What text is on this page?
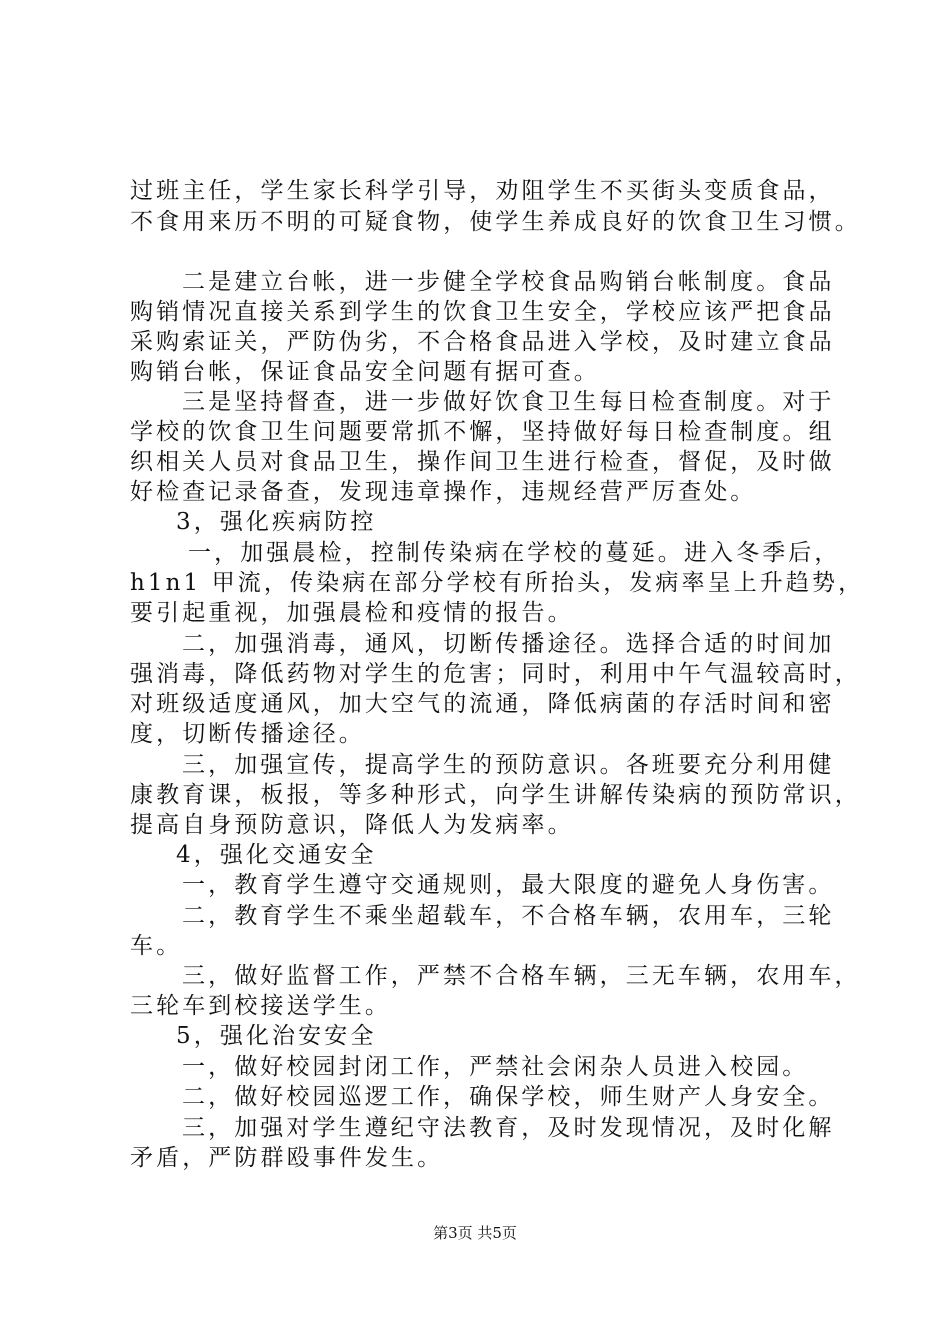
过班主任，学生家长科学引导，劝阻学生不买街头变质食品，
不食用来历不明的可疑食物，使学生养成良好的饮食卫生习惯。
二是建立台帐，进一步健全学校食品购销台帐制度。食品
购销情况直接关系到学生的饮食卫生安全，学校应该严把食品
采购索证关，严防伪劣，不合格食品进入学校，及时建立食品
购销台帐，保证食品安全问题有据可查。
三是坚持督查，进一步做好饮食卫生每日检查制度。对于
学校的饮食卫生问题要常抓不懈，坚持做好每日检查制度。组
织相关人员对食品卫生，操作间卫生进行检查，督促，及时做
好检查记录备查，发现违章操作，违规经营严厉查处。
3，强化疾病防控
一，加强晨检，控制传染病在学校的蔓延。进入冬季后，
h1n1 甲流，传染病在部分学校有所抬头，发病率呈上升趋势，
要引起重视，加强晨检和疫情的报告。
二，加强消毒，通风，切断传播途径。选择合适的时间加
强消毒，降低药物对学生的危害；同时，利用中午气温较高时，
对班级适度通风，加大空气的流通，降低病菌的存活时间和密
度，切断传播途径。
三，加强宣传，提高学生的预防意识。各班要充分利用健
康教育课，板报，等多种形式，向学生讲解传染病的预防常识，
提高自身预防意识，降低人为发病率。
4，强化交通安全
一，教育学生遵守交通规则，最大限度的避免人身伤害。
二，教育学生不乘坐超载车，不合格车辆，农用车，三轮
车。
三，做好监督工作，严禁不合格车辆，三无车辆，农用车，
三轮车到校接送学生。
5，强化治安安全
一，做好校园封闭工作，严禁社会闲杂人员进入校园。
二，做好校园巡逻工作，确保学校，师生财产人身安全。
三，加强对学生遵纪守法教育，及时发现情况，及时化解
矛盾，严防群殴事件发生。
第3页 共5页
